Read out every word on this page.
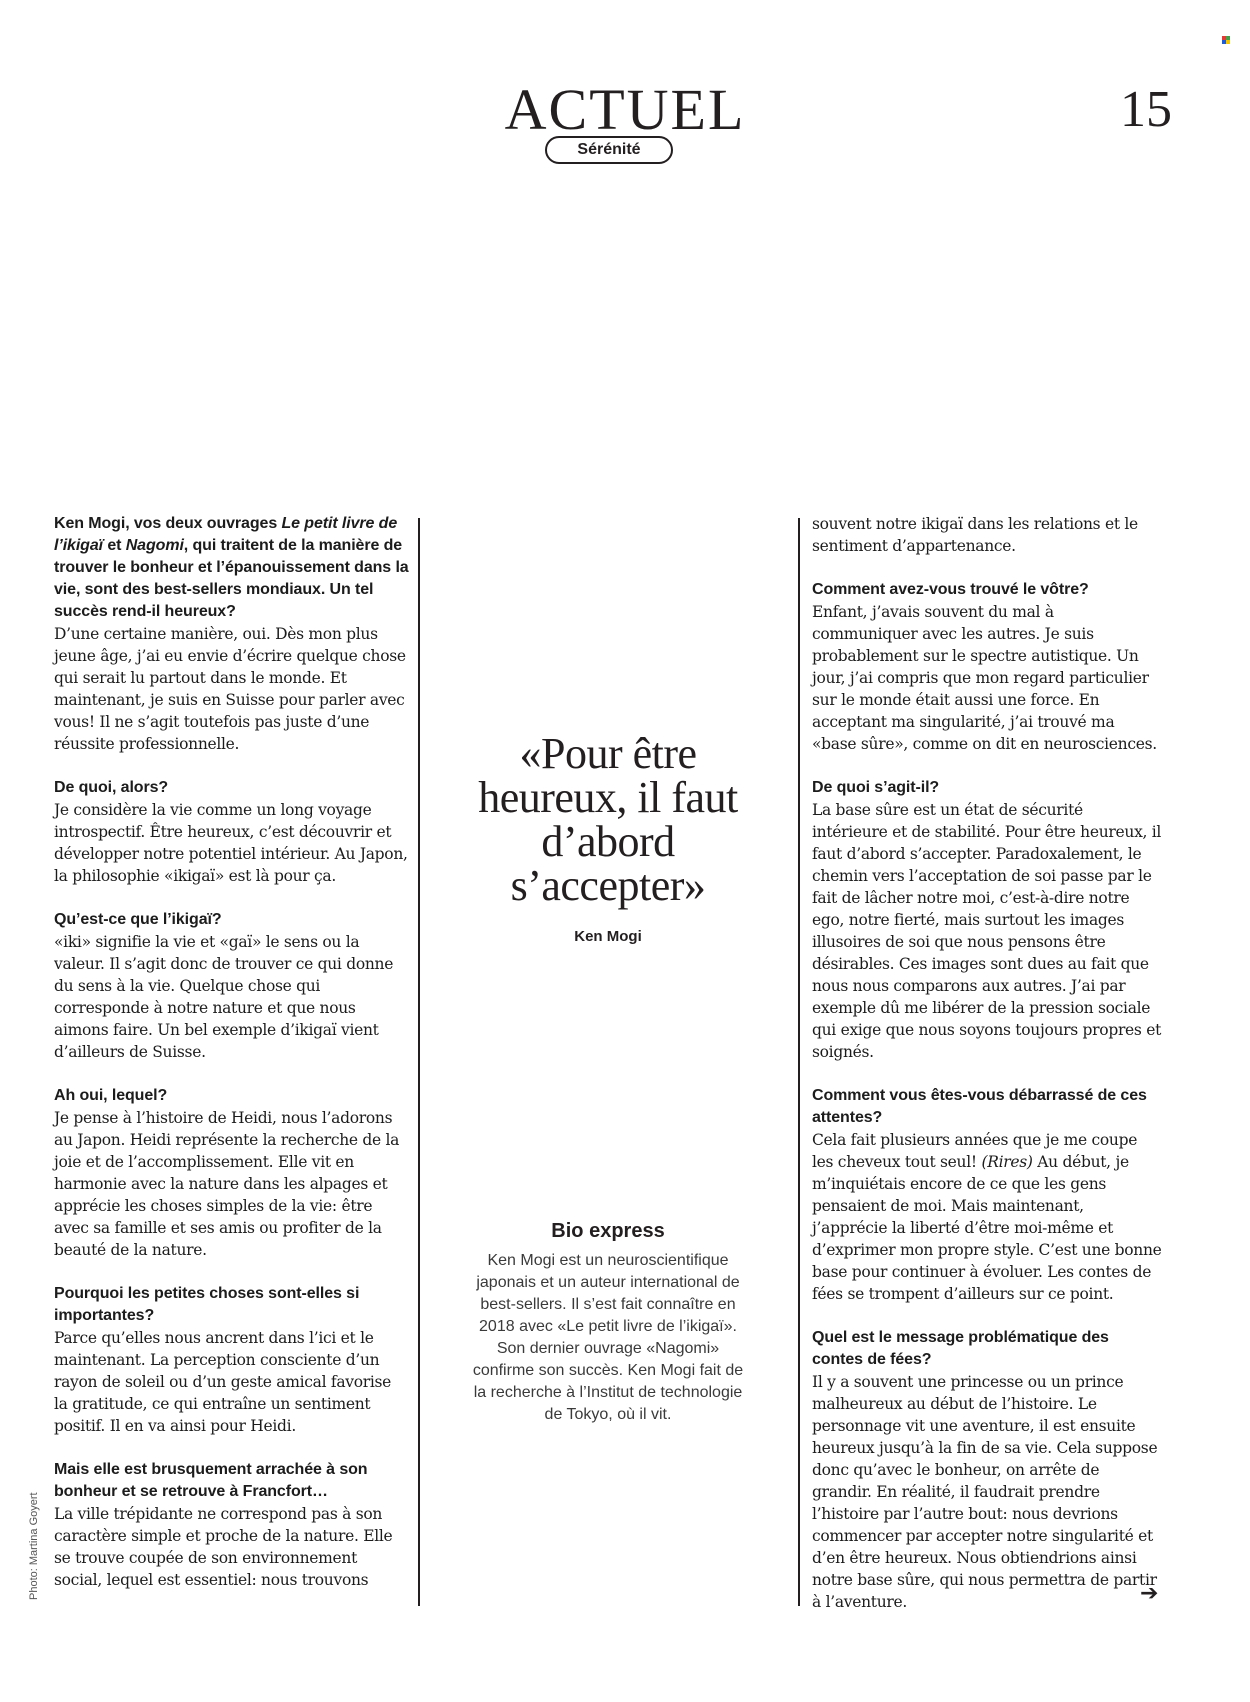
ACTUEL	15
Sérénité

Ken Mogi, vos deux ouvrages Le petit livre de l’ikigaï et Nagomi, qui traitent de la manière de trouver le bonheur et l’épanouissement dans la vie, sont des best-sellers mondiaux. Un tel succès rend-il heureux?

D’une certaine manière, oui. Dès mon plus jeune âge, j’ai eu envie d’écrire quelque chose qui serait lu partout dans le monde. Et maintenant, je suis en Suisse pour parler avec vous! Il ne s’agit toutefois pas juste d’une réussite professionnelle.

De quoi, alors?

Je considère la vie comme un long voyage introspectif. Être heureux, c’est découvrir et développer notre potentiel intérieur. Au Japon, la philosophie «ikigaï» est là pour ça.

Qu’est-ce que l’ikigaï?

«iki» signifie la vie et «gaï» le sens ou la valeur. Il s’agit donc de trouver ce qui donne du sens à la vie. Quelque chose qui corresponde à notre nature et que nous aimons faire. Un bel exemple d’ikigaï vient d’ailleurs de Suisse.

Ah oui, lequel?

Je pense à l’histoire de Heidi, nous l’adorons au Japon. Heidi représente la recherche de la joie et de l’accomplissement. Elle vit en harmonie avec la nature dans les alpages et apprécie les choses simples de la vie: être avec sa famille et ses amis ou profiter de la beauté de la nature.

Pourquoi les petites choses sont-elles si importantes?

Parce qu’elles nous ancrent dans l’ici et le maintenant. La perception consciente d’un rayon de soleil ou d’un geste amical favorise la gratitude, ce qui entraîne un sentiment positif. Il en va ainsi pour Heidi.

Mais elle est brusquement arrachée à son bonheur et se retrouve à Francfort…

La ville trépidante ne correspond pas à son caractère simple et proche de la nature. Elle se trouve coupée de son environnement social, lequel est essentiel: nous trouvons

«Pour être heureux, il faut d’abord s’accepter»
Ken Mogi
Bio express
Ken Mogi est un neuroscientifique japonais et un auteur international de best-sellers. Il s’est fait connaître en 2018 avec «Le petit livre de l’ikigaï». Son dernier ouvrage «Nagomi» confirme son succès. Ken Mogi fait de la recherche à l’Institut de technologie de Tokyo, où il vit.

souvent notre ikigaï dans les relations et le sentiment d’appartenance.

Comment avez-vous trouvé le vôtre?

Enfant, j’avais souvent du mal à communiquer avec les autres. Je suis probablement sur le spectre autistique. Un jour, j’ai compris que mon regard particulier sur le monde était aussi une force. En acceptant ma singularité, j’ai trouvé ma «base sûre», comme on dit en neurosciences.

De quoi s’agit-il?

La base sûre est un état de sécurité intérieure et de stabilité. Pour être heureux, il faut d’abord s’accepter. Paradoxalement, le chemin vers l’acceptation de soi passe par le fait de lâcher notre moi, c’est-à-dire notre ego, notre fierté, mais surtout les images illusoires de soi que nous pensons être désirables. Ces images sont dues au fait que nous nous comparons aux autres. J’ai par exemple dû me libérer de la pression sociale qui exige que nous soyons toujours propres et soignés.

Comment vous êtes-vous débarrassé de ces attentes?

Cela fait plusieurs années que je me coupe les cheveux tout seul! (Rires) Au début, je m’inquiétais encore de ce que les gens pensaient de moi. Mais maintenant, j’apprécie la liberté d’être moi-même et d’exprimer mon propre style. C’est une bonne base pour continuer à évoluer. Les contes de fées se trompent d’ailleurs sur ce point.

Quel est le message problématique des contes de fées?

Il y a souvent une princesse ou un prince malheureux au début de l’histoire. Le personnage vit une aventure, il est ensuite heureux jusqu’à la fin de sa vie. Cela suppose donc qu’avec le bonheur, on arrête de grandir. En réalité, il faudrait prendre l’histoire par l’autre bout: nous devrions commencer par accepter notre singularité et d’en être heureux. Nous obtiendrions ainsi notre base sûre, qui nous permettra de partir à l’aventure.

Photo: Martina Goyert	➔
